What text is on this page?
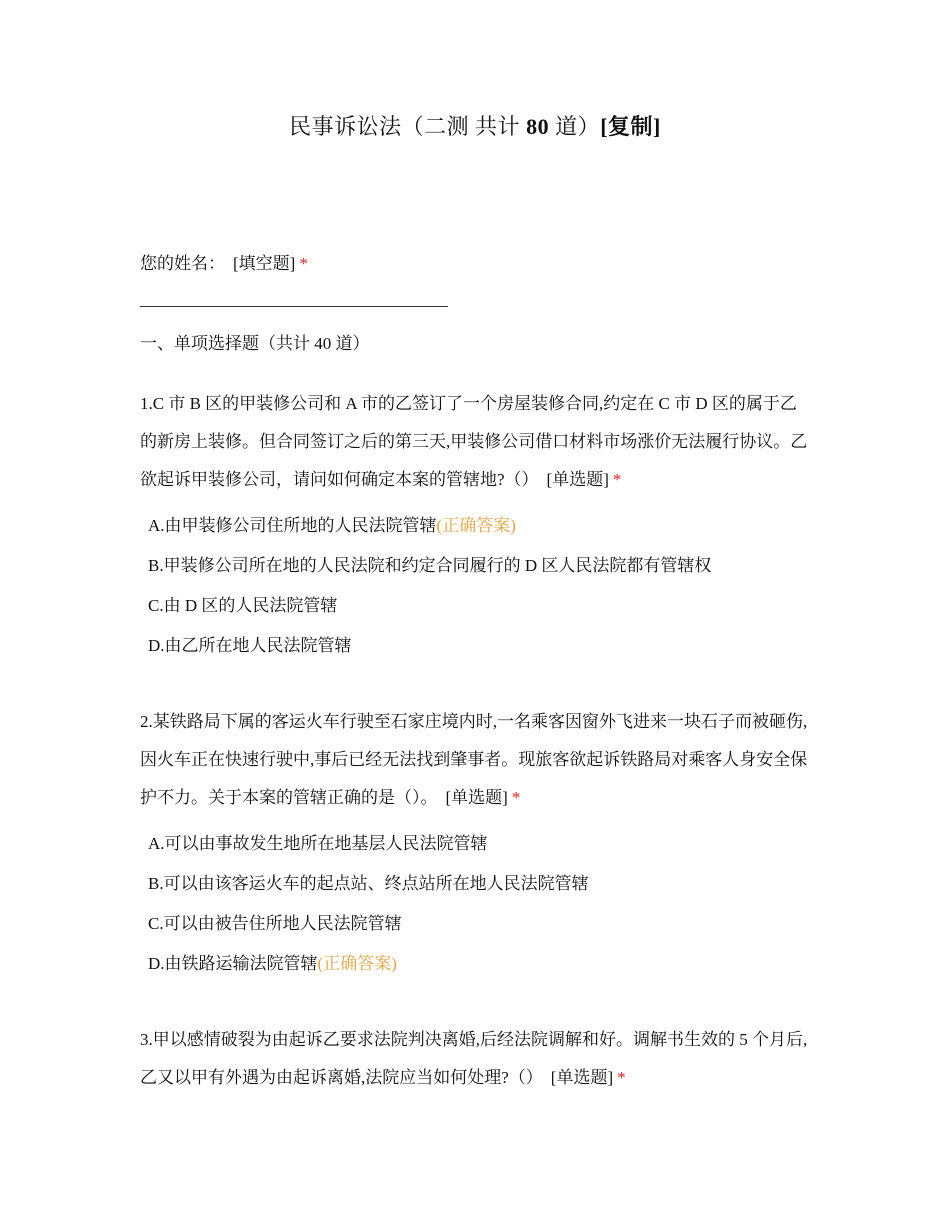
民事诉讼法（二测 共计 80 道）[复制]
您的姓名： [填空题] *
一、单项选择题（共计 40 道）
1.C 市 B 区的甲装修公司和 A 市的乙签订了一个房屋装修合同,约定在 C 市 D 区的属于乙的新房上装修。但合同签订之后的第三天,甲装修公司借口材料市场涨价无法履行协议。乙欲起诉甲装修公司，请问如何确定本案的管辖地?（） [单选题] *
A.由甲装修公司住所地的人民法院管辖(正确答案)
B.甲装修公司所在地的人民法院和约定合同履行的 D 区人民法院都有管辖权
C.由 D 区的人民法院管辖
D.由乙所在地人民法院管辖
2.某铁路局下属的客运火车行驶至石家庄境内时,一名乘客因窗外飞进来一块石子而被砸伤,因火车正在快速行驶中,事后已经无法找到肇事者。现旅客欲起诉铁路局对乘客人身安全保护不力。关于本案的管辖正确的是（）。 [单选题] *
A.可以由事故发生地所在地基层人民法院管辖
B.可以由该客运火车的起点站、终点站所在地人民法院管辖
C.可以由被告住所地人民法院管辖
D.由铁路运输法院管辖(正确答案)
3.甲以感情破裂为由起诉乙要求法院判决离婚,后经法院调解和好。调解书生效的 5 个月后,乙又以甲有外遇为由起诉离婚,法院应当如何处理?（） [单选题] *
